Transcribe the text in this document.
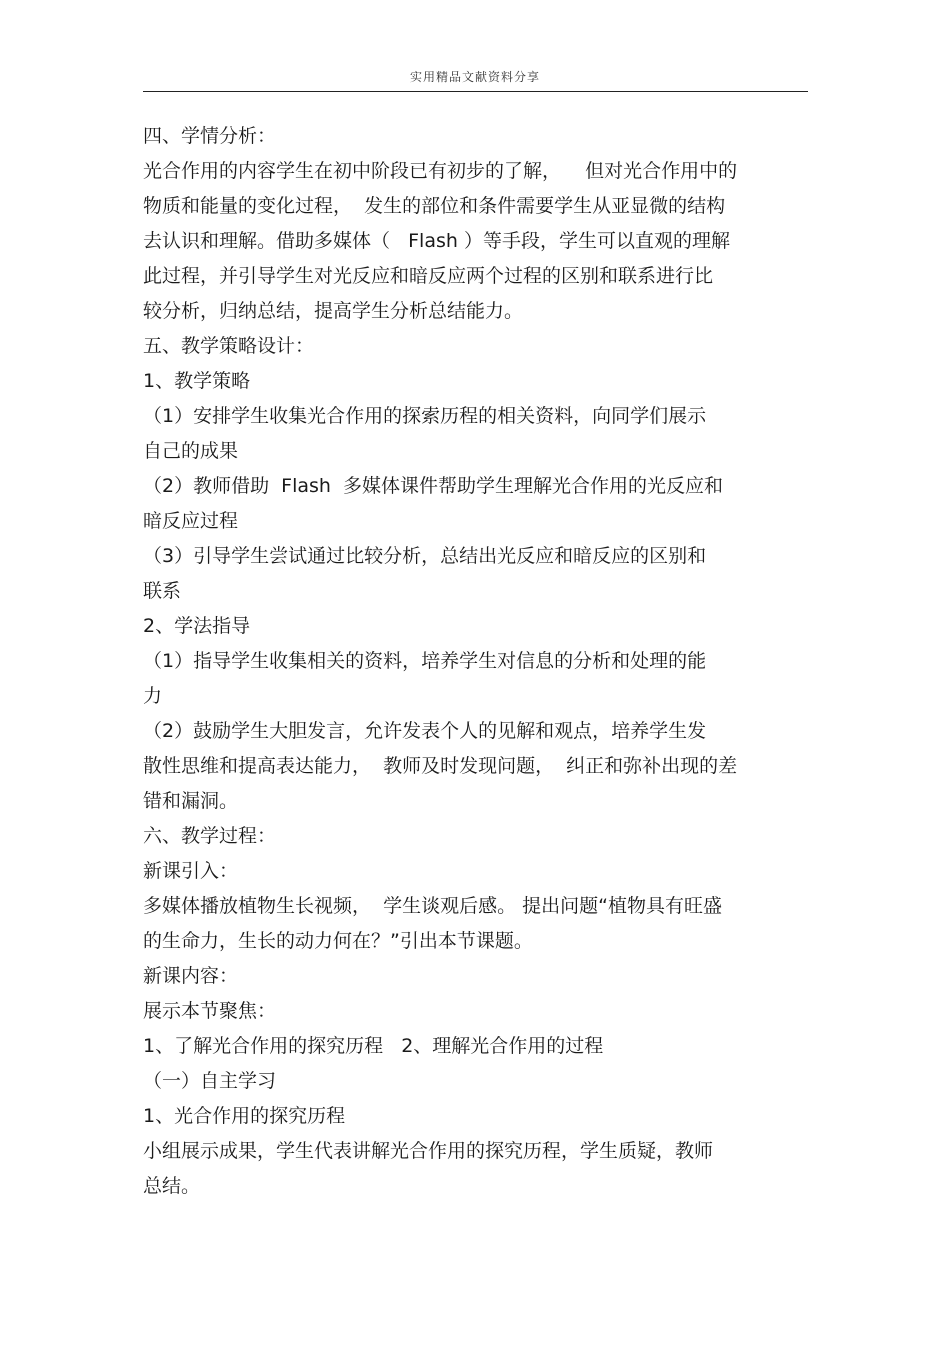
实用精品文献资料分享
四、学情分析：
光合作用的内容学生在初中阶段已有初步的了解，    但对光合作用中的
物质和能量的变化过程，  发生的部位和条件需要学生从亚显微的结构
去认识和理解。借助多媒体（   Flash ）等手段，学生可以直观的理解
此过程，并引导学生对光反应和暗反应两个过程的区别和联系进行比
较分析，归纳总结，提高学生分析总结能力。
五、教学策略设计：
1、教学策略
（1）安排学生收集光合作用的探索历程的相关资料，向同学们展示
自己的成果
（2）教师借助  Flash  多媒体课件帮助学生理解光合作用的光反应和
暗反应过程
（3）引导学生尝试通过比较分析，总结出光反应和暗反应的区别和
联系
2、学法指导
（1）指导学生收集相关的资料，培养学生对信息的分析和处理的能
力
（2）鼓励学生大胆发言，允许发表个人的见解和观点，培养学生发
散性思维和提高表达能力，  教师及时发现问题，  纠正和弥补出现的差
错和漏洞。
六、教学过程：
新课引入：
多媒体播放植物生长视频，  学生谈观后感。 提出问题“植物具有旺盛
的生命力，生长的动力何在？”引出本节课题。
新课内容：
展示本节聚焦：
1、了解光合作用的探究历程   2、理解光合作用的过程
（一）自主学习
1、光合作用的探究历程
小组展示成果，学生代表讲解光合作用的探究历程，学生质疑，教师
总结。
